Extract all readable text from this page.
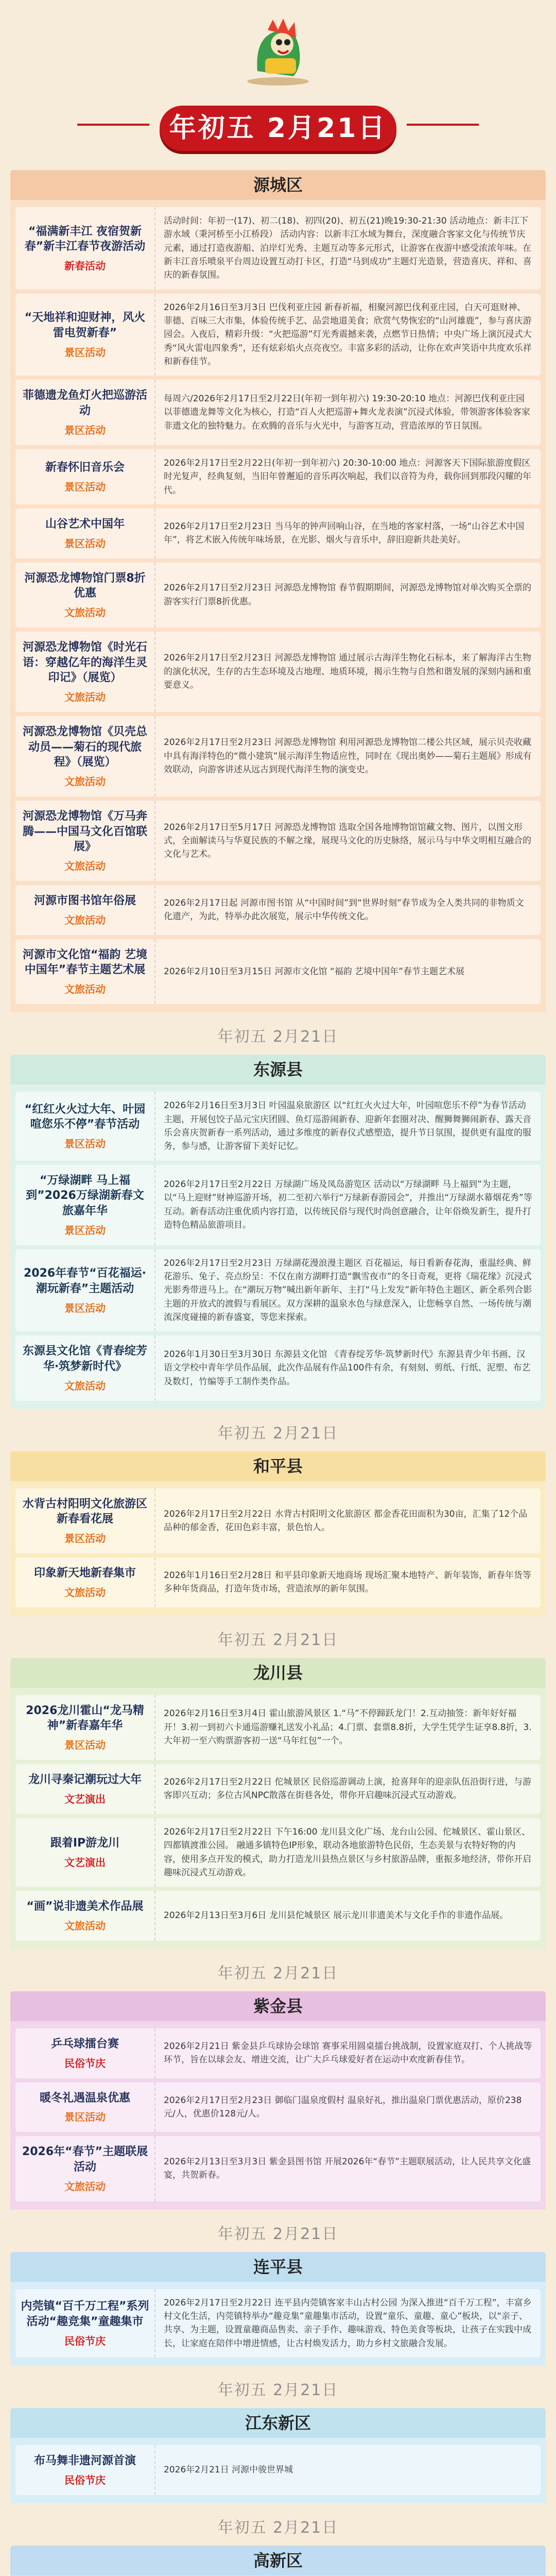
年初五 2月21日
源城区
“福满新丰江 夜宿贺新春”新丰江春节夜游活动
新春活动
活动时间：年初一(17)、初二(18)、初四(20)、初五(21)晚19:30-21:30 活动地点：新丰江下游水域（秉河桥至小江桥段） 活动内容：以新丰江水域为舞台，深度融合客家文化与传统节庆元素，通过打造夜游船、泊岸灯光秀、主题互动等多元形式，让游客在夜游中感受浓浓年味。在新丰江音乐喷泉平台周边设置互动打卡区，打造“马到成功”主题灯光造景，营造喜庆、祥和、喜庆的新春氛围。
“天地祥和迎财神，风火雷电贺新春”
景区活动
2026年2月16日至3月3日 巴伐利亚庄园 新春祈福，相聚河源巴伐利亚庄园，白天可逛财神、菲德、百味三大市集，体验传统手艺、品尝地道美食；欣赏气势恢宏的“山河雄鹿”，参与喜庆游园会。入夜后，精彩升级：“火把巡游”灯光秀震撼来袭，点燃节日热情；中央广场上演沉浸式大秀“风火雷电四象秀”，还有炫彩焰火点亮夜空。丰富多彩的活动，让你在欢声笑语中共度欢乐祥和新春佳节。
菲德遗龙鱼灯火把巡游活动
景区活动
每周六/2026年2月17日至2月22日(年初一到年初六) 19:30-20:10 地点：河源巴伐利亚庄园 以菲德遗龙舞等文化为核心，打造“百人火把巡游+舞火龙表演”沉浸式体验，带领游客体验客家非遗文化的独特魅力。在欢腾的音乐与火光中，与游客互动，营造浓厚的节日氛围。
新春怀旧音乐会
景区活动
2026年2月17日至2月22日(年初一到年初六) 20:30-10:00 地点：河源客天下国际旅游度假区 时光复声，经典复刻，当旧年曾邂逅的音乐再次响起，我们以音符为舟，载你回到那段闪耀的年代。
山谷艺术中国年
景区活动
2026年2月17日至2月23日 当马年的钟声回响山谷，在当地的客家村落，一场“山谷艺术中国年”，将艺术嵌入传统年味场景，在光影、烟火与音乐中，辞旧迎新共赴美好。
河源恐龙博物馆门票8折优惠
文旅活动
2026年2月17日至2月23日 河源恐龙博物馆 春节假期期间，河源恐龙博物馆对单次购买全票的游客实行门票8折优惠。
河源恐龙博物馆《时光石语：穿越亿年的海洋生灵印记》（展览）
文旅活动
2026年2月17日至2月23日 河源恐龙博物馆 通过展示古海洋生物化石标本，来了解海洋古生物的演化状况，生存的古生态环境及古地理、地质环境，揭示生物与自然和谐发展的深刻内涵和重要意义。
河源恐龙博物馆《贝壳总动员——菊石的现代旅程》（展览）
文旅活动
2026年2月17日至2月23日 河源恐龙博物馆 利用河源恐龙博物馆二楼公共区域，展示贝壳收藏中具有海洋特色的“微小建筑”展示海洋生物适应性，同时在《现出奥妙——菊石主题展》形成有效联动，向游客讲述从远古到现代海洋生物的演变史。
河源恐龙博物馆《万马奔腾——中国马文化百馆联展》
文旅活动
2026年2月17日至5月17日 河源恐龙博物馆 选取全国各地博物馆馆藏文物、图片，以图文形式，全面解读马与华夏民族的不解之缘，展现马文化的历史脉络，展示马与中华文明相互融合的文化与艺术。
河源市图书馆年俗展
文旅活动
2026年2月17日起 河源市图书馆 从“中国时间”到“世界时刻”春节成为全人类共同的非物质文化遗产，为此，特举办此次展览，展示中华传统文化。
河源市文化馆“福韵 艺境中国年”春节主题艺术展
文旅活动
2026年2月10日至3月15日 河源市文化馆 “福韵 艺境中国年”春节主题艺术展
年初五 2月21日
东源县
“红红火火过大年、叶园喧您乐不停”春节活动
景区活动
2026年2月16日至3月3日 叶园温泉旅游区 以“红红火火过大年，叶园喧您乐不停”为春节活动主题，开展包饺子品元宝庆团圆、鱼灯巡游闹新春、迎新年套圈对决、醒狮舞狮闹新春、露天音乐会喜庆贺新春一系列活动，通过多维度的新春仪式感塑造，提升节日氛围，提供更有温度的服务，参与感，让游客留下美好记忆。
“万绿湖畔 马上福到”2026万绿湖新春文旅嘉年华
景区活动
2026年2月17日至2月22日 万绿湖广场及凤岛游览区 活动以“万绿湖畔 马上福到”为主题，以“马上迎财”财神巡游开场，初二至初六举行“万绿新春游园会”，并推出“万绿湖水幕烟花秀”等互动。新春活动注重优质内容打造，以传统民俗与现代时尚创意融合，让年俗焕发新生，提升打造特色精品旅游项目。
2026年春节“百花福运·潮玩新春”主题活动
景区活动
2026年2月17日至2月23日 万绿湖花漫浪漫主题区 百花福运，每日看新春花海，重温经典、鲜花游乐、兔子、亮点纷呈：不仅在南方湖畔打造“飘雪夜市”的冬日奇观，更将《瑞花缘》沉浸式光影秀带进马上。在“潮玩万物”喊出新年新年、主打“马上发发”新年特色主题区、新全系列合影主题的开放式的渡假与看展区。双方深耕的温泉水色与绿意深入，让您畅享自然、一场传统与潮流深度碰撞的新春盛宴，等您来探索。
东源县文化馆《青春绽芳华·筑梦新时代》
文旅活动
2026年1月30日至3月30日 东源县文化馆 《青春绽芳华·筑梦新时代》东源县青少年书画、汉语文学校中青年学员作品展，此次作品展有作品100件有余，有刻刻、剪纸、行纸、泥塑、布艺及数灯，竹编等手工制作类作品。
年初五 2月21日
和平县
水背古村阳明文化旅游区新春看花展
景区活动
2026年2月17日至2月22日 水背古村阳明文化旅游区 都金香花田面积为30亩，汇集了12个品品种的郁金香，花田色彩丰富，景色怡人。
印象新天地新春集市
文旅活动
2026年1月16日至2月28日 和平县印象新天地商场 现场汇聚本地特产、新年装饰，新春年货等多种年货商品，打造年货市场，营造浓厚的新年氛围。
年初五 2月21日
龙川县
2026龙川霍山“龙马精神”新春嘉年华
景区活动
2026年2月16日至3月4日 霍山旅游风景区 1.“马”不停蹄跃龙门！2.互动抽签：新年好好福开！3.初一到初六卡通巡游赚礼送发小礼品；4.门票、套票8.8折，大学生凭学生证享8.8折，3.大年初一至六购票游客初一送“马年红包”一个。
龙川寻秦记潮玩过大年
文艺演出
2026年2月17日至2月22日 佗城景区 民俗巡游调动上演，抢喜拜年的迎亲队伍沿街行进，与游客即兴互动；多位古风NPC散落在街巷各处，带你开启趣味沉浸式互动游戏。
跟着IP游龙川
文艺演出
2026年2月17日至2月22日 下午16:00 龙川县文化广场、龙台山公园、佗城景区、霍山景区、四都镇渡淮公园。 融通多镇特色IP形象，联动各地旅游特色民俗，生态美景与农特好物的内容，使用多点开发的模式，助力打造龙川县热点景区与乡村旅游品牌，重振多地经济，带你开启趣味沉浸式互动游戏。
“画”说非遗美术作品展
文旅活动
2026年2月13日至3月6日 龙川县佗城景区 展示龙川非遗美术与文化手作的非遗作品展。
年初五 2月21日
紫金县
乒乓球擂台赛
民俗节庆
2026年2月21日 紫金县乒乓球协会球馆 赛事采用圆桌擂台挑战制，设置家庭双打、个人挑战等环节，旨在以球会友、增进交流，让广大乒乓球爱好者在运动中欢度新春佳节。
暖冬礼遇温泉优惠
景区活动
2026年2月17日至2月23日 御临门温泉度假村 温泉好礼，推出温泉门票优惠活动，原价238元/人，优惠价128元/人。
2026年“春节”主题联展活动
文旅活动
2026年2月13日至3月3日 紫金县图书馆 开展2026年“春节”主题联展活动，让人民共享文化盛宴，共贺新春。
年初五 2月21日
连平县
内莞镇“百千万工程”系列活动“趣竞集”童趣集市
民俗节庆
2026年2月17日至2月22日 连平县内莞镇客家丰山古村公园 为深入推进“百千万工程”，丰富乡村文化生活，内莞镇特举办“趣竞集”童趣集市活动，设置“童乐、童趣、童心”板块，以“亲子、共享、为主题，设置童趣商品售卖、亲子手作、趣味游戏、特色美食等板块，让孩子在实践中成长，让家庭在陪伴中增进情感，让古村焕发活力，助力乡村文旅融合发展。
年初五 2月21日
江东新区
布马舞非遗河源首演
民俗节庆
2026年2月21日 河源中骏世界城
年初五 2月21日
高新区
